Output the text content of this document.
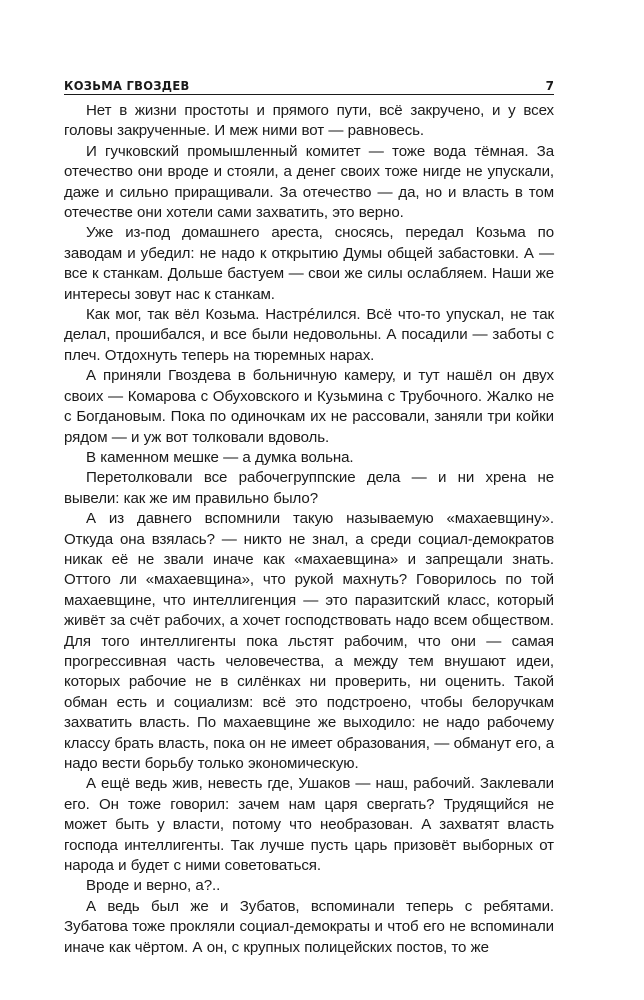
КОЗЬМА ГВОЗДЕВ	7

Нет в жизни простоты и прямого пути, всё закручено, и у всех головы закрученные. И меж ними вот — равновесь.

И гучковский промышленный комитет — тоже вода тёмная. За отечество они вроде и стояли, а денег своих тоже нигде не упускали, даже и сильно приращивали. За отечество — да, но и власть в том отечестве они хотели сами захватить, это верно.

Уже из-под домашнего ареста, сносясь, передал Козьма по заводам и убедил: не надо к открытию Думы общей забастовки. А — все к станкам. Дольше бастуем — свои же силы ослабляем. Наши же интересы зовут нас к станкам.

Как мог, так вёл Козьма. Настрéлился. Всё что-то упускал, не так делал, прошибался, и все были недовольны. А посадили — заботы с плеч. Отдохнуть теперь на тюремных нарах.

А приняли Гвоздева в больничную камеру, и тут нашёл он двух своих — Комарова с Обуховского и Кузьмина с Трубочного. Жалко не с Богдановым. Пока по одиночкам их не рассовали, заняли три койки рядом — и уж вот толковали вдоволь.

В каменном мешке — а думка вольна.

Перетолковали все рабочегруппские дела — и ни хрена не вывели: как же им правильно было?

А из давнего вспомнили такую называемую «махаевщину». Откуда она взялась? — никто не знал, а среди социал-демократов никак её не звали иначе как «махаевщина» и запрещали знать. Оттого ли «махаевщина», что рукой махнуть? Говорилось по той махаевщине, что интеллигенция — это паразитский класс, который живёт за счёт рабочих, а хочет господствовать надо всем обществом. Для того интеллигенты пока льстят рабочим, что они — самая прогрессивная часть человечества, а между тем внушают идеи, которых рабочие не в силёнках ни проверить, ни оценить. Такой обман есть и социализм: всё это подстроено, чтобы белоручкам захватить власть. По махаевщине же выходило: не надо рабочему классу брать власть, пока он не имеет образования, — обманут его, а надо вести борьбу только экономическую.

А ещё ведь жив, невесть где, Ушаков — наш, рабочий. Заклевали его. Он тоже говорил: зачем нам царя свергать? Трудящийся не может быть у власти, потому что необразован. А захватят власть господа интеллигенты. Так лучше пусть царь призовёт выборных от народа и будет с ними советоваться.

Вроде и верно, а?..

А ведь был же и Зубатов, вспоминали теперь с ребятами. Зубатова тоже прокляли социал-демократы и чтоб его не вспоминали иначе как чёртом. А он, с крупных полицейских постов, то же
